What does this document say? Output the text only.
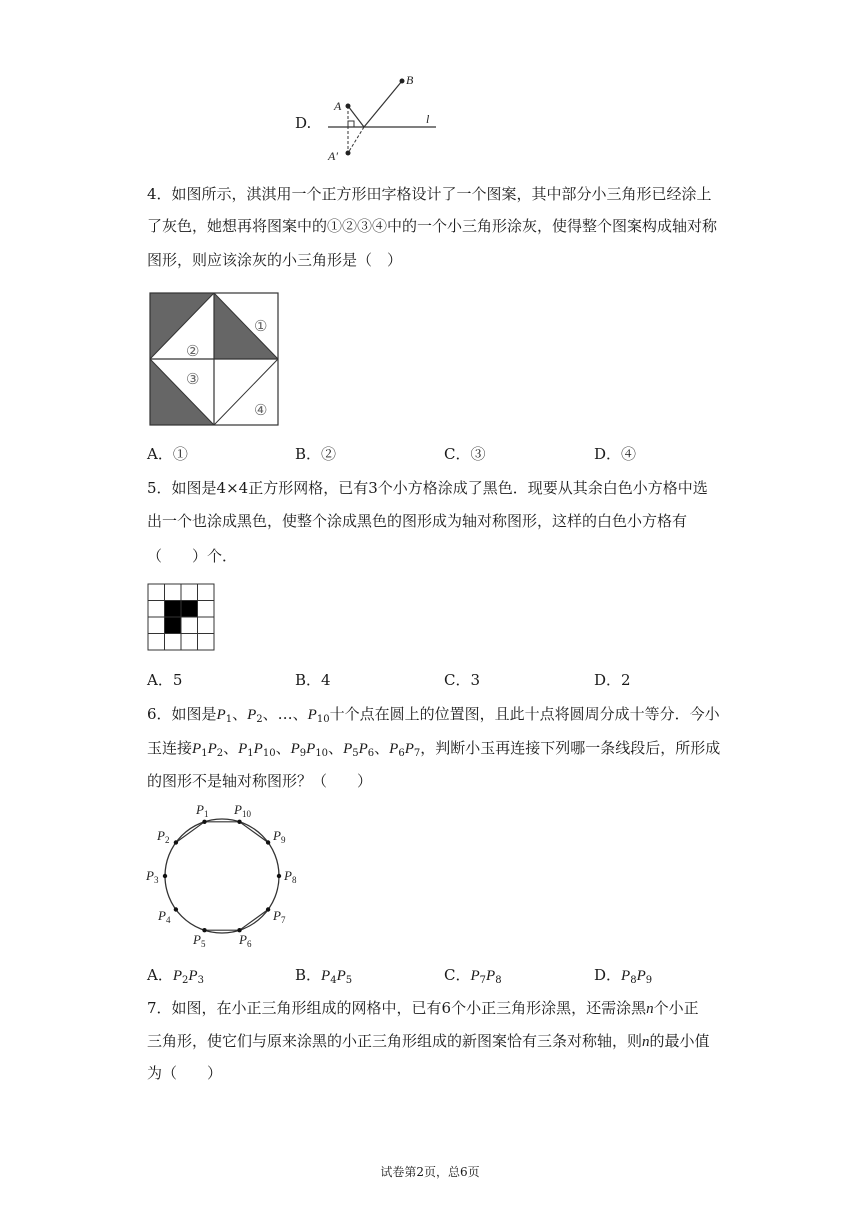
D.
A
B
A′
l
4．如图所示，淇淇用一个正方形田字格设计了一个图案，其中部分小三角形已经涂上
了灰色，她想再将图案中的①②③④中的一个小三角形涂灰，使得整个图案构成轴对称
图形，则应该涂灰的小三角形是（　）
①
②
③
④
A．①	B．②	C．③	D．④
5．如图是4×4正方形网格，已有3个小方格涂成了黑色．现要从其余白色小方格中选
出一个也涂成黑色，使整个涂成黑色的图形成为轴对称图形，这样的白色小方格有
（　　）个．
A．5	B．4	C．3	D．2
6．如图是$P_1$、$P_2$、…、$P_{10}$十个点在圆上的位置图，且此十点将圆周分成十等分．今小
玉连接$P_1P_2$、$P_1P_{10}$、$P_9P_{10}$、$P_5P_6$、$P_6P_7$，判断小玉再连接下列哪一条线段后，所形成
的图形不是轴对称图形？（　　）
$P_1$
$P_2$
$P_3$
$P_4$
$P_5$	$P_6$
$P_7$
$P_8$
$P_9$
$P_{10}$
A．$P_2P_3$	B．$P_4P_5$	C．$P_7P_8$	D．$P_8P_9$
7．如图，在小正三角形组成的网格中，已有6个小正三角形涂黑，还需涂黑n个小正
三角形，使它们与原来涂黑的小正三角形组成的新图案恰有三条对称轴，则n的最小值
为（　　）
试卷第2页，总6页
